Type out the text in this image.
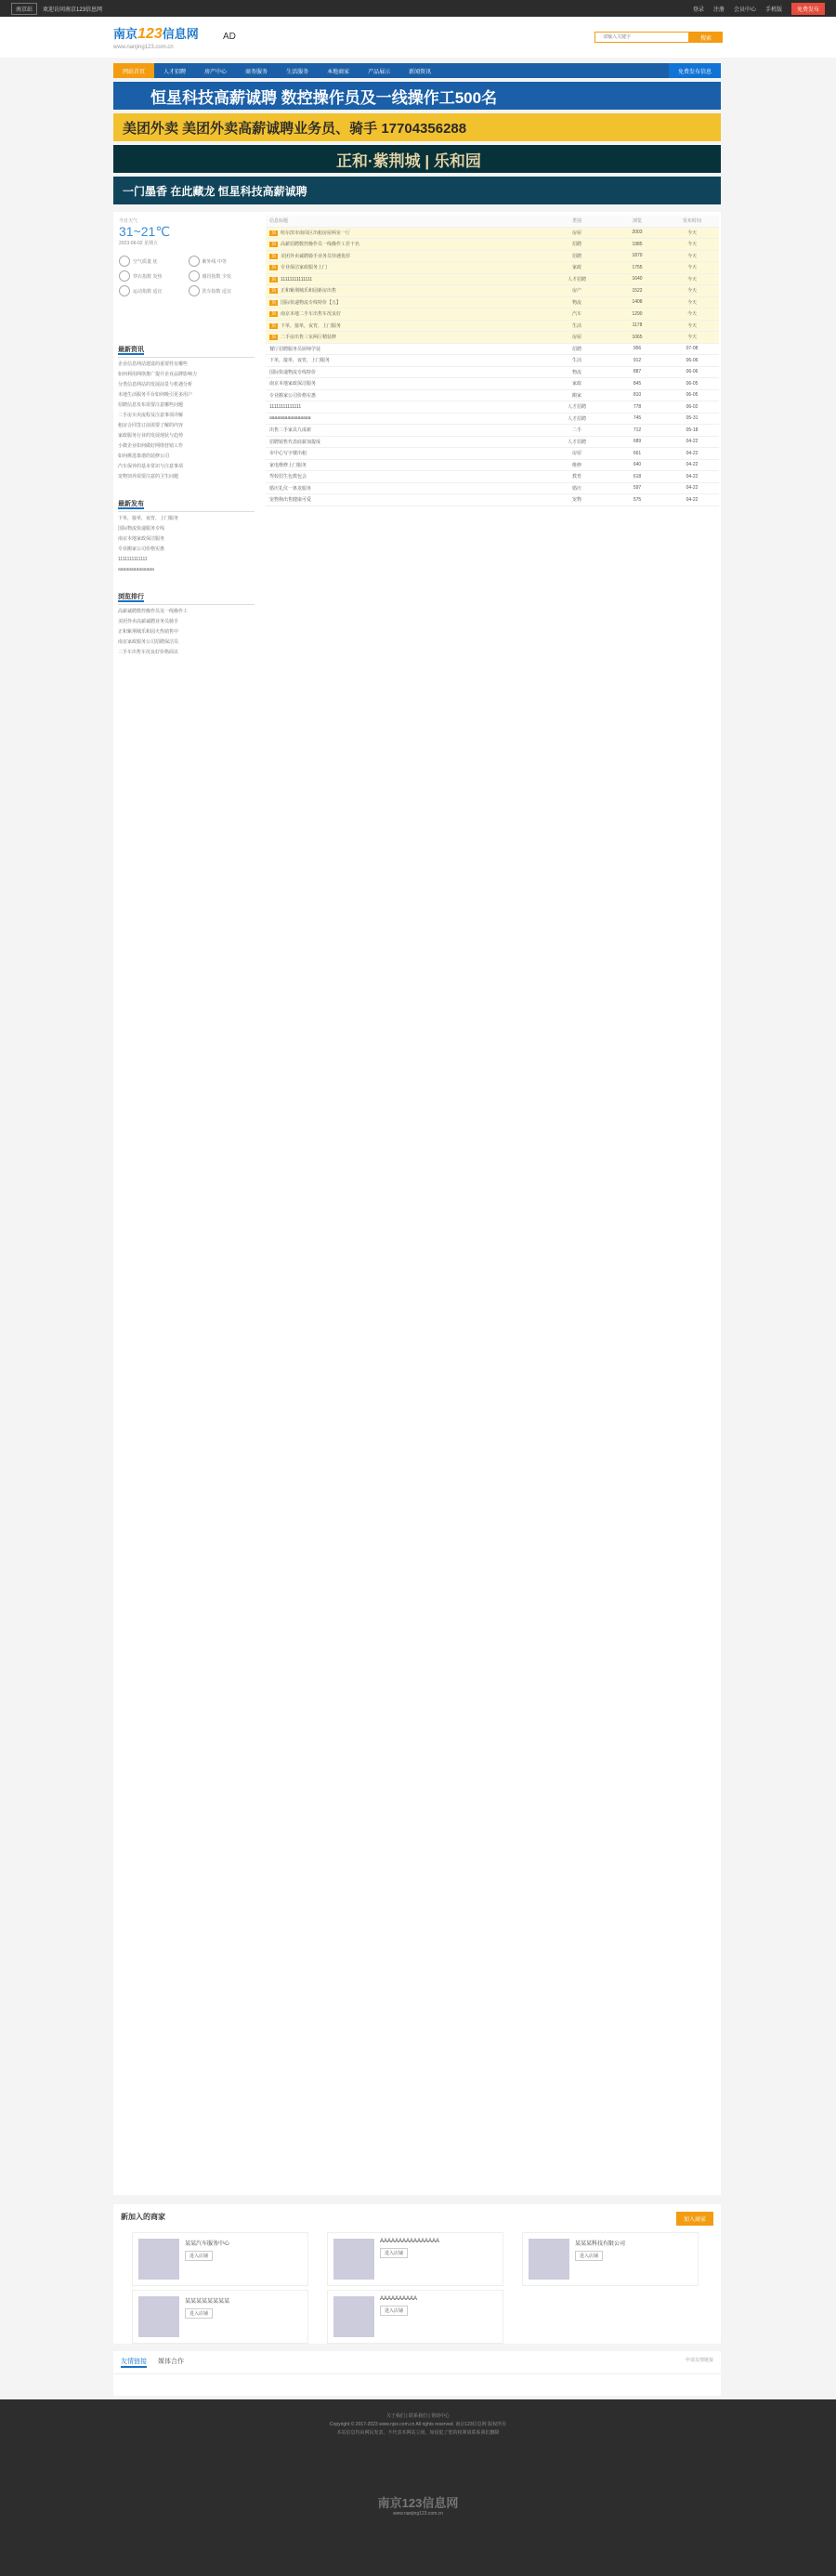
南京站	欢迎访问南京123信息网	登录 注册 会员中心 手机版	免费发布
南京123信息网
www.nanjing123.com.cn
AD
请输入关键字	搜索
网站首页	人才招聘	房产中心	商务服务	生活服务	本地商家	产品展示	新闻资讯	免费发布信息
恒星科技高薪诚聘 数控操作员及一线操作工500名
美团外卖 美团外卖高薪诚聘业务员、骑手 17704356288
正和·紫荆城 | 乐和园
一门墨香 在此藏龙 恒星科技高薪诚聘
今日天气
31~21℃
2023-06-02 星期五
空气质量 优	紫外线 中等
穿衣指数 炎热	感冒指数 少发
运动指数 适宜	洗车指数 适宜
最新资讯
企业信息网站建设的重要性有哪些
如何利用网络推广提升企业品牌影响力
分类信息网站的发展前景与机遇分析
本地生活服务平台如何吸引更多用户
招聘信息发布需要注意哪些问题
二手房买卖流程及注意事项详解
租房合同签订前需要了解的内容
家政服务行业的发展现状与趋势
小微企业如何做好网络营销工作
如何挑选靠谱的装修公司
汽车保养的基本常识与注意事项
宠物饲养需要注意的卫生问题
最新发布
下单，接单，夜宵，上门服务
国际物流快递服务专线
南京本地家政保洁服务
专业搬家公司价格实惠
1111111111111
aaaaaaaaaaaaaa
浏览排行
高薪诚聘数控操作员及一线操作工
美团外卖高薪诚聘业务员骑手
正和紫荆城乐和园火热销售中
南京家政服务公司招聘保洁员
二手车出售车况良好价格面议
信息标题	类别	浏览	发布时间
顶 哈尔滨市南岗区出租房屋两室一厅	房屋	2003	今天
顶 高薪招聘数控操作员一线操作工若干名	招聘	1985	今天
顶 美团外卖诚聘骑手业务员待遇优厚	招聘	1870	今天
顶 专业保洁家政服务上门	家政	1755	今天
顶 11111111111111	人才招聘	1640	今天
顶 正和紫荆城乐和园新房出售	房产	1522	今天
顶 国际快递物流专线特价【五】	物流	1408	今天
顶 南京本地二手车出售车况良好	汽车	1290	今天
顶 下单，接单，夜宵，上门服务	生活	1178	今天
顶 二手房出售三室两厅精装修	房屋	1065	今天
餐厅招聘服务员厨师学徒	招聘	956	07-08
下单，接单，夜宵，上门服务	生活	912	06-06
国际快递物流专线特价	物流	887	06-06
南京本地家政保洁服务	家政	845	06-05
专业搬家公司价格实惠	搬家	810	06-05
11111111111111	人才招聘	778	06-02
aaaaaaaaaaaaaaaa	人才招聘	745	05-31
出售二手家具九成新	二手	712	05-18
招聘销售代表底薪加提成	人才招聘	689	04-22
市中心写字楼出租	房屋	661	04-22
家电维修上门服务	维修	640	04-22
驾校招生包教包会	教育	618	04-22
婚庆礼仪一条龙服务	婚庆	597	04-22
宠物狗出售健康可爱	宠物	575	04-22
新加入的商家	加入商家
某某汽车服务中心
进入店铺
AAAAAAAAAAAAAAAA
进入店铺
某某某科技有限公司
进入店铺
某某某某某某某某
进入店铺
AAAAAAAAAA
进入店铺
友情链接 媒体合作	申请友情链接
关于我们 | 联系我们 | 帮助中心
Copyright © 2017-2023 www.njxx.com.cn All rights reserved. 南京123信息网 版权所有
本站信息均由网民发表，不代表本网站立场，如侵犯了您的权利请联系我们删除
南京123信息网
www.nanjing123.com.cn
